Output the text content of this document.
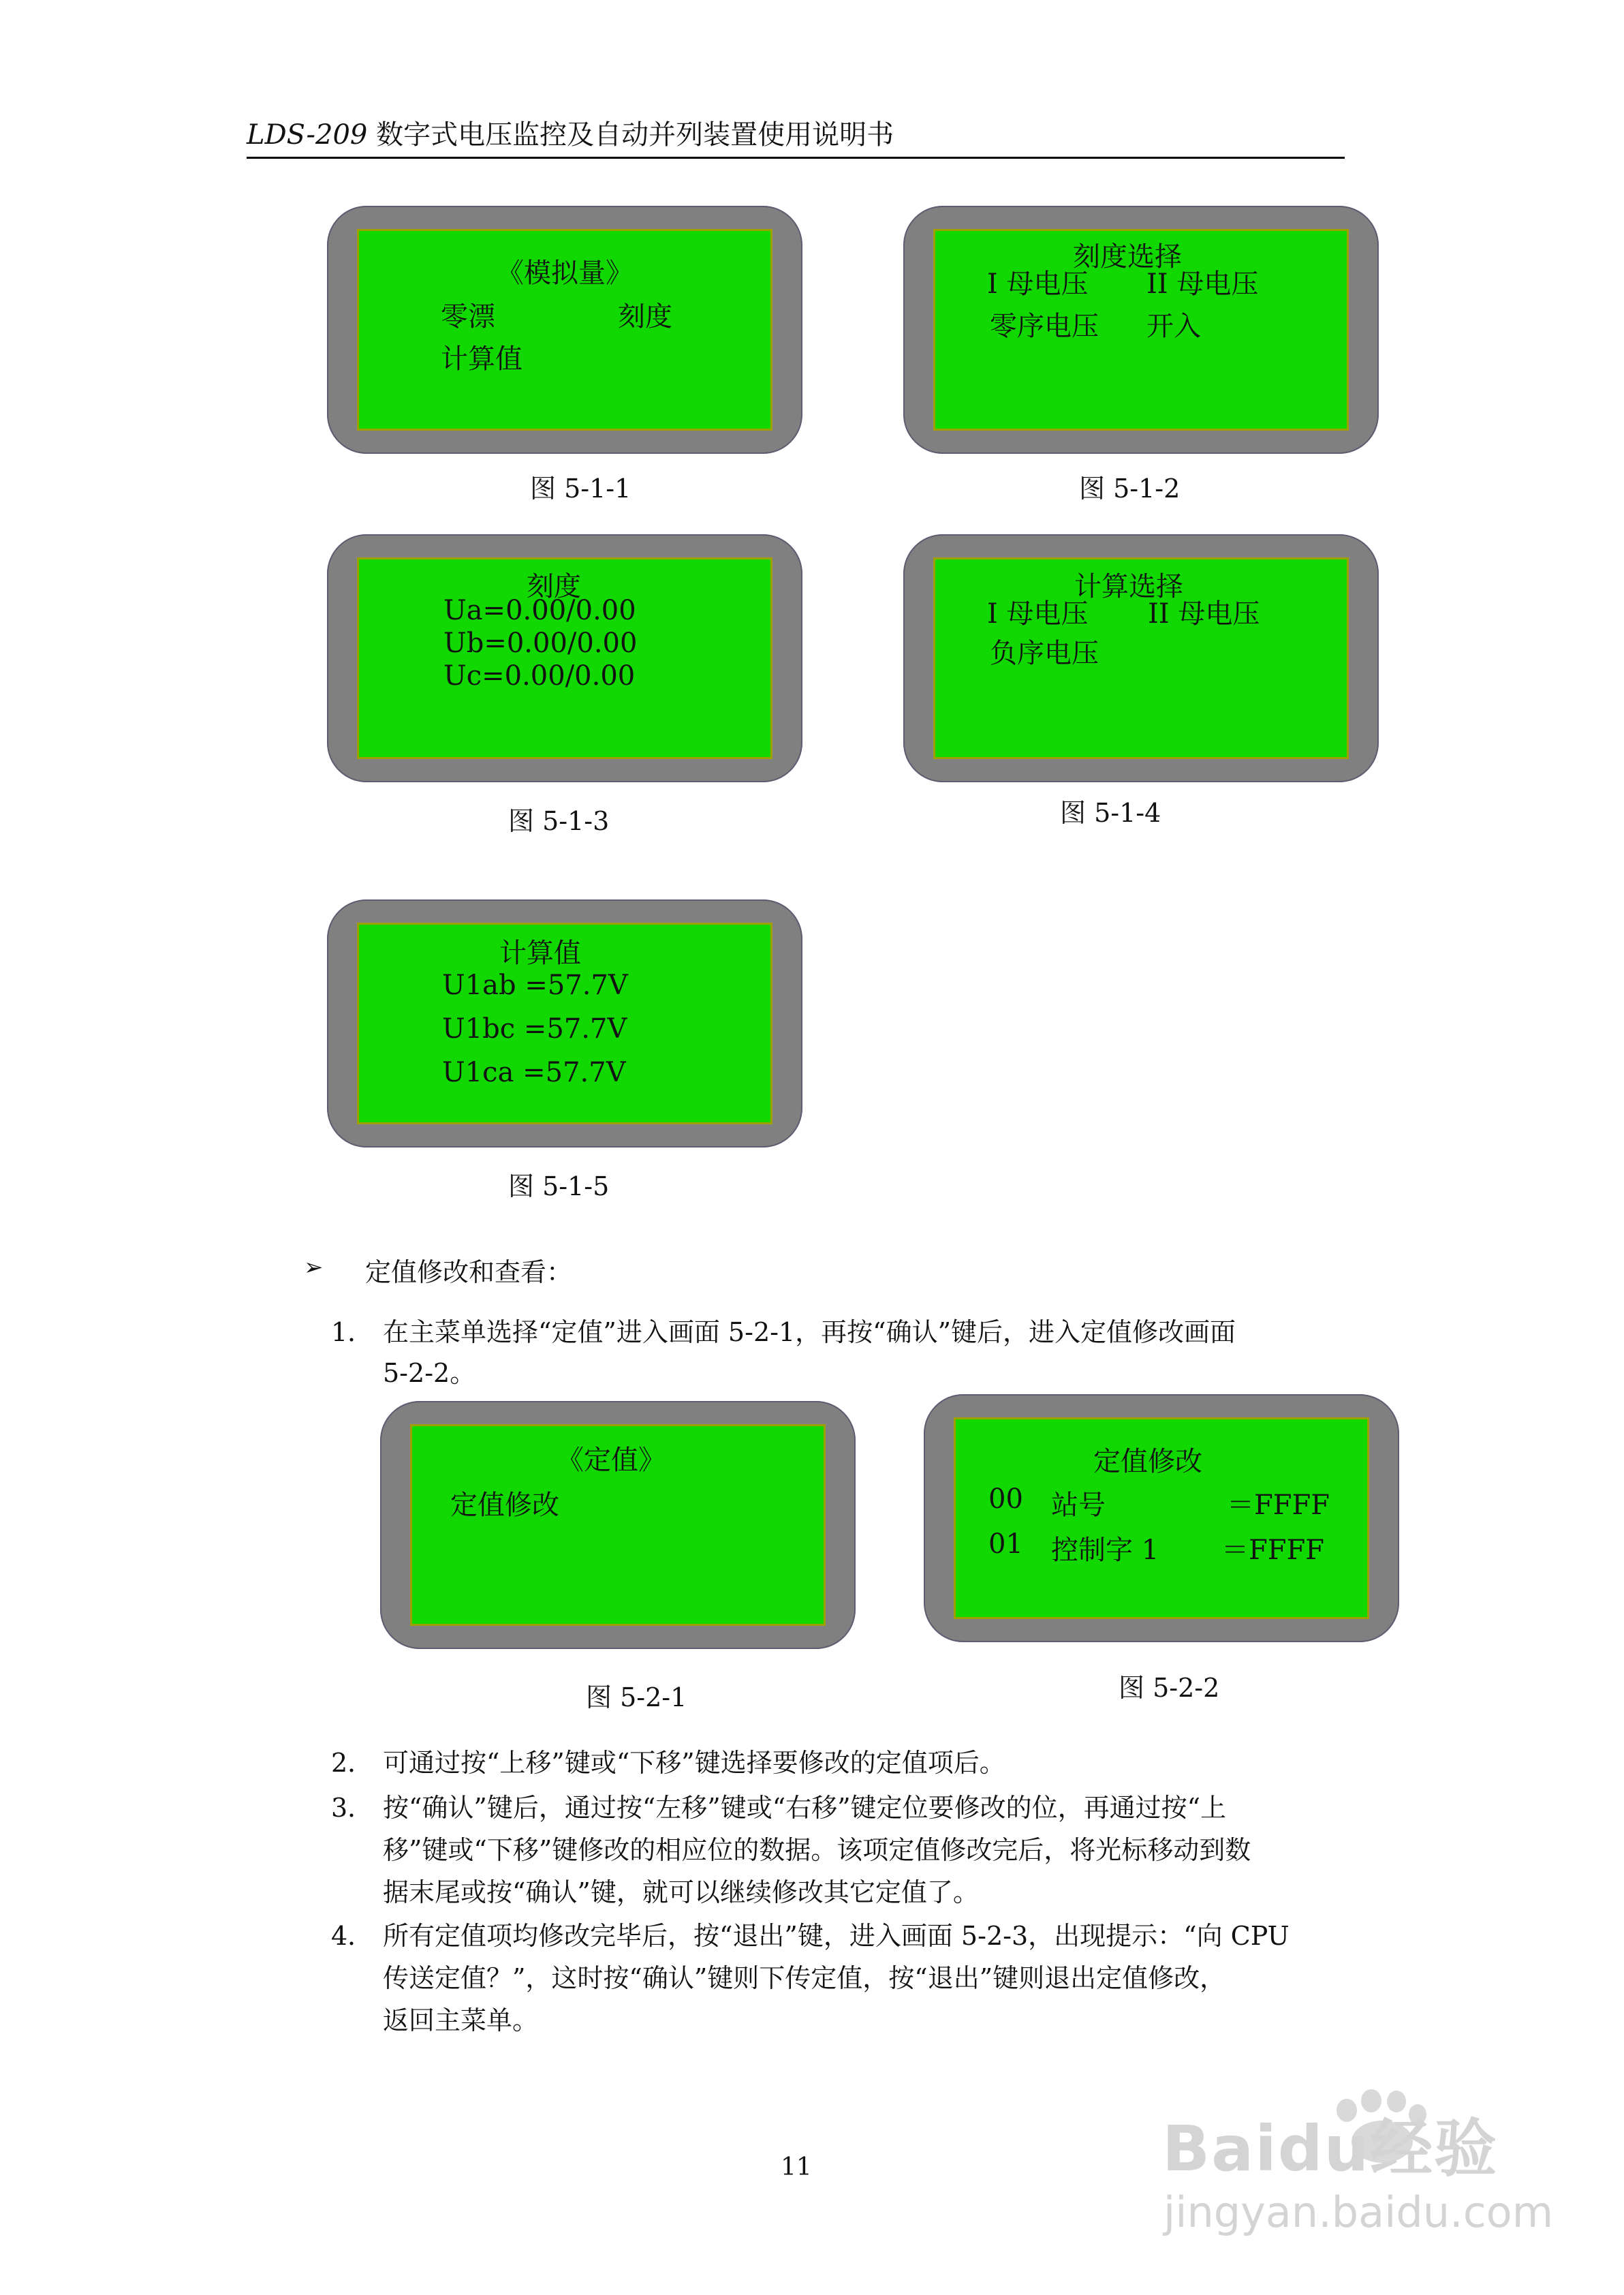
LDS-209 数字式电压监控及自动并列装置使用说明书
《模拟量》
零漂	刻度
计算值
图 5-1-1
刻度选择
I 母电压 II 母电压
零序电压 开入
图 5-1-2
刻度
Ua=0.00/0.00
Ub=0.00/0.00
Uc=0.00/0.00
图 5-1-3
计算选择
I 母电压 II 母电压
负序电压
图 5-1-4
计算值
U1ab =57.7V
U1bc =57.7V
U1ca =57.7V
图 5-1-5
➢ 定值修改和查看：
1． 在主菜单选择“定值”进入画面 5-2-1，再按“确认”键后，进入定值修改画面
5-2-2。
《定值》
定值修改
图 5-2-1
定值修改
00 站号	＝FFFF
01 控制字 1 ＝FFFF
图 5-2-2
2． 可通过按“上移”键或“下移”键选择要修改的定值项后。
3． 按“确认”键后，通过按“左移”键或“右移”键定位要修改的位，再通过按“上
移”键或“下移”键修改的相应位的数据。该项定值修改完后，将光标移动到数
据末尾或按“确认”键，就可以继续修改其它定值了。
4． 所有定值项均修改完毕后，按“退出”键，进入画面 5-2-3，出现提示：“向 CPU
传送定值？”，这时按“确认”键则下传定值，按“退出”键则退出定值修改，
返回主菜单。
11	Baidu经验
jingyan.baidu.com
